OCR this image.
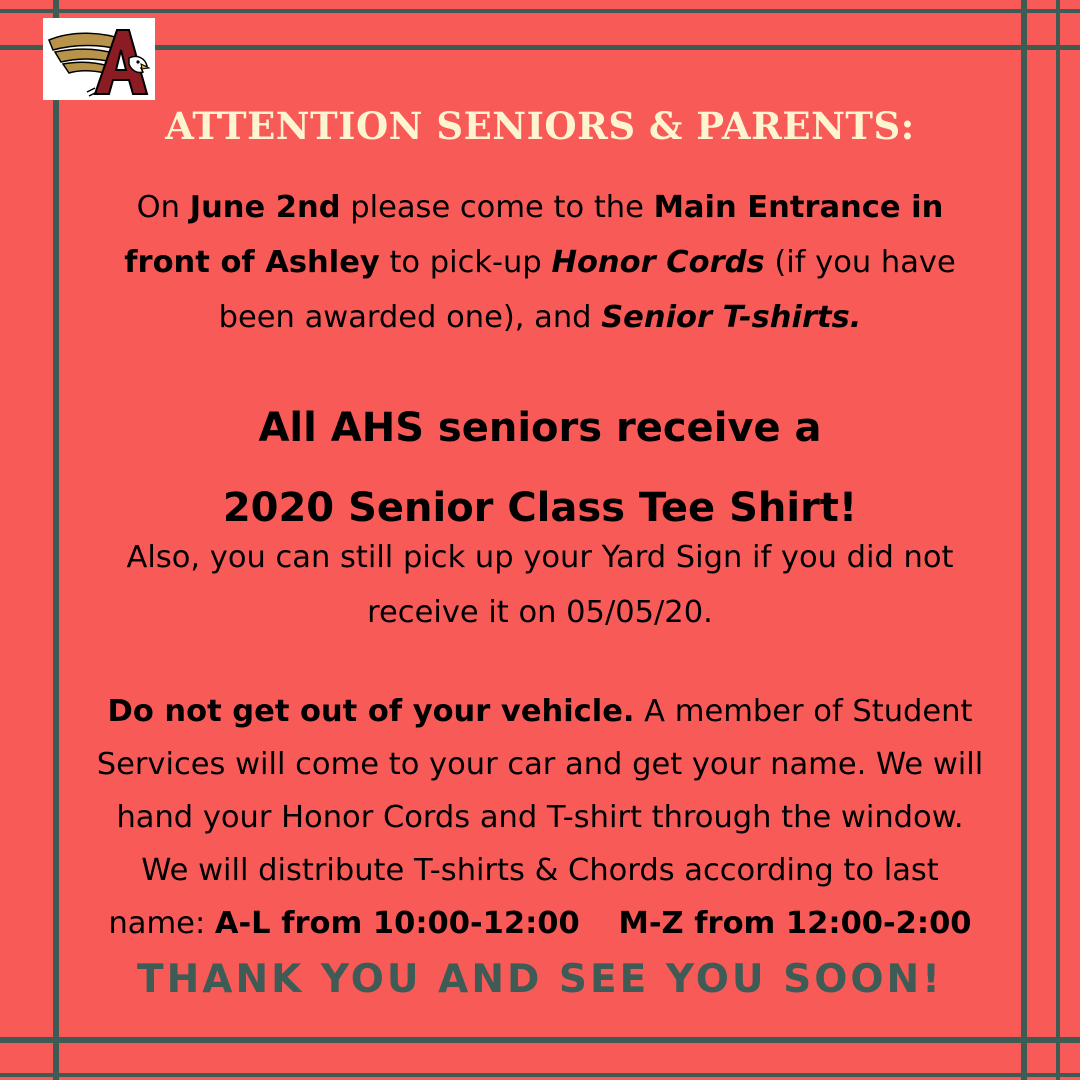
ATTENTION SENIORS & PARENTS:
On June 2nd please come to the Main Entrance in
front of Ashley to pick-up Honor Cords (if you have
been awarded one), and Senior T-shirts.
All AHS seniors receive a
2020 Senior Class Tee Shirt!
Also, you can still pick up your Yard Sign if you did not
receive it on 05/05/20.
Do not get out of your vehicle. A member of Student
Services will come to your car and get your name. We will
hand your Honor Cords and T-shirt through the window.
We will distribute T-shirts & Chords according to last
name: A-L from 10:00-12:00 M-Z from 12:00-2:00
THANK YOU AND SEE YOU SOON!
